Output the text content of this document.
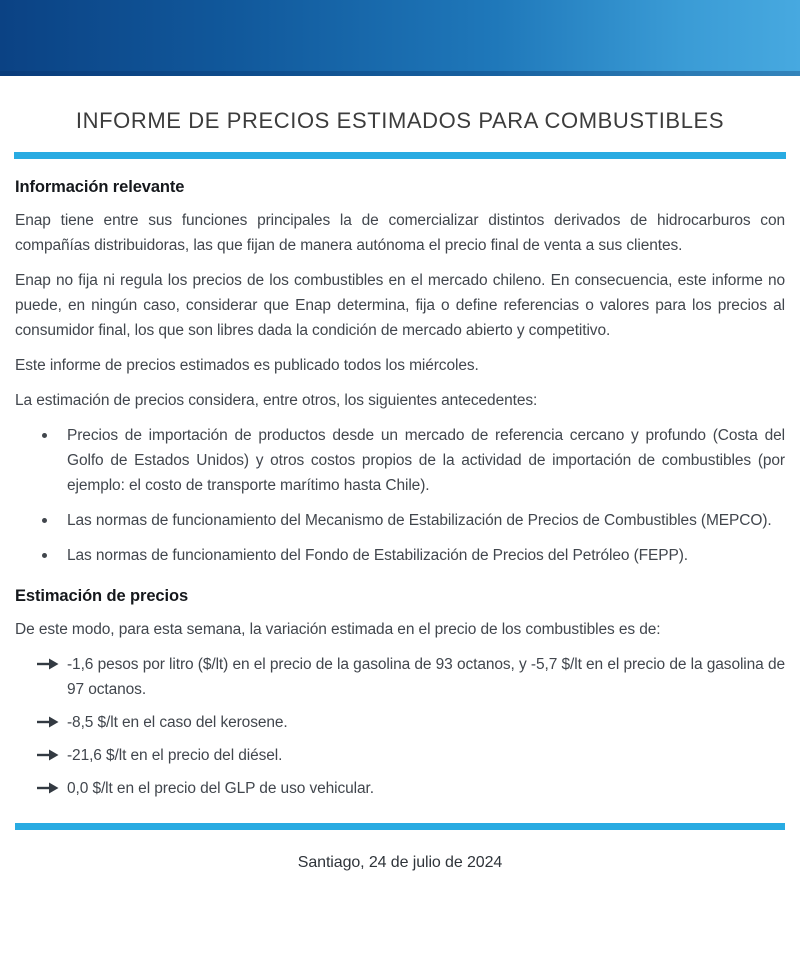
INFORME DE PRECIOS ESTIMADOS PARA COMBUSTIBLES
Información relevante

Enap tiene entre sus funciones principales la de comercializar distintos derivados de hidrocarburos con compañías distribuidoras, las que fijan de manera autónoma el precio final de venta a sus clientes.

Enap no fija ni regula los precios de los combustibles en el mercado chileno. En consecuencia, este informe no puede, en ningún caso, considerar que Enap determina, fija o define referencias o valores para los precios al consumidor final, los que son libres dada la condición de mercado abierto y competitivo.

Este informe de precios estimados es publicado todos los miércoles.

La estimación de precios considera, entre otros, los siguientes antecedentes:

Precios de importación de productos desde un mercado de referencia cercano y profundo (Costa del Golfo de Estados Unidos) y otros costos propios de la actividad de importación de combustibles (por ejemplo: el costo de transporte marítimo hasta Chile).
Las normas de funcionamiento del Mecanismo de Estabilización de Precios de Combustibles (MEPCO).
Las normas de funcionamiento del Fondo de Estabilización de Precios del Petróleo (FEPP).
Estimación de precios

De este modo, para esta semana, la variación estimada en el precio de los combustibles es de:

-1,6 pesos por litro ($/lt) en el precio de la gasolina de 93 octanos, y -5,7 $/lt en el precio de la gasolina de 97 octanos.
-8,5 $/lt en el caso del kerosene.
-21,6 $/lt en el precio del diésel.
0,0 $/lt en el precio del GLP de uso vehicular.

Santiago, 24 de julio de 2024
